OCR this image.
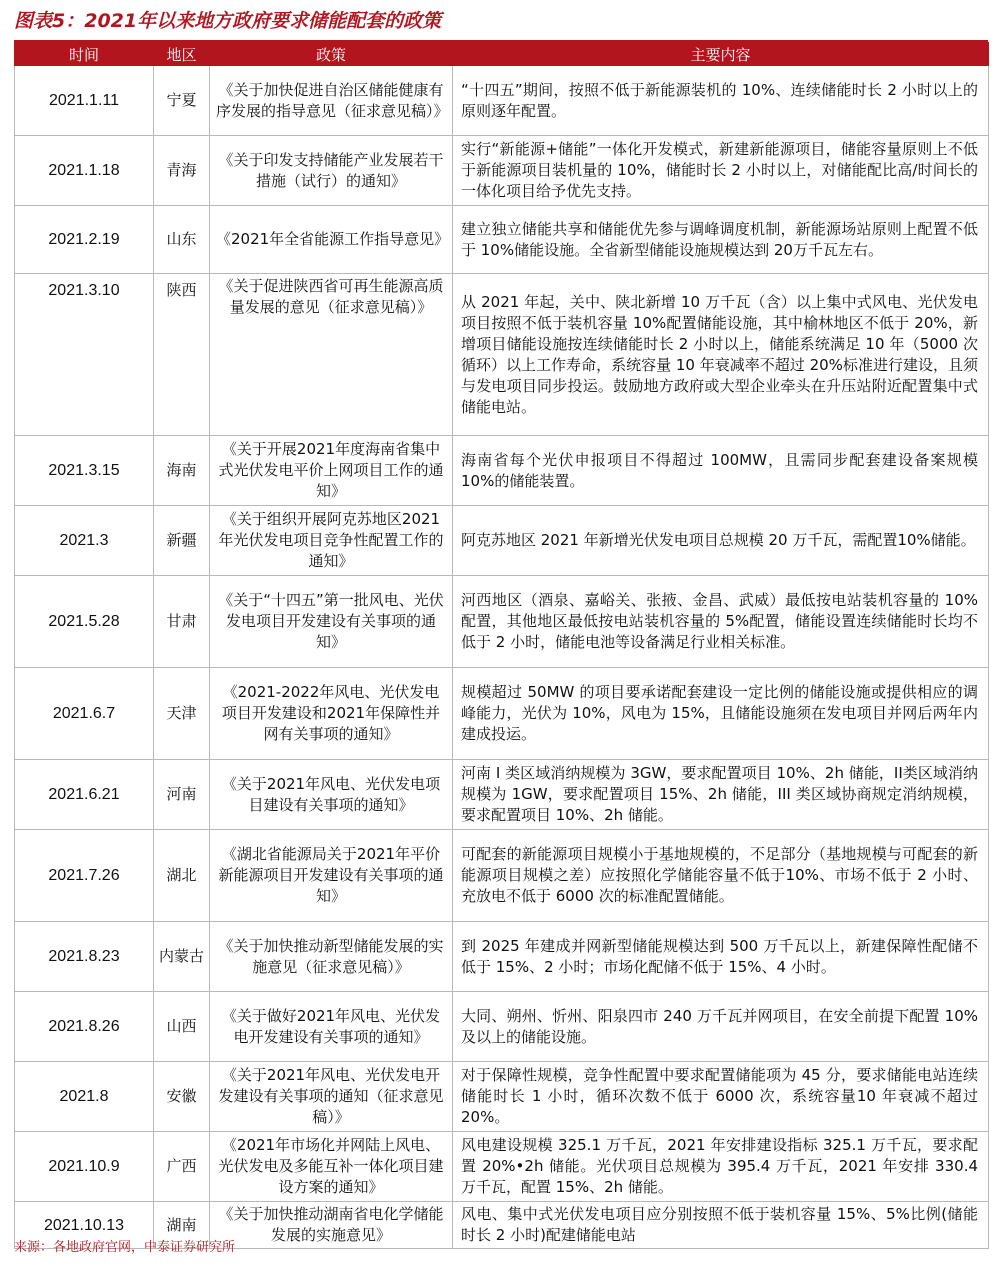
图表5：2021年以来地方政府要求储能配套的政策
时间	地区	政策	主要内容
2021.1.11	宁夏	《关于加快促进自治区储能健康有序发展的指导意见（征求意见稿）》	“十四五”期间，按照不低于新能源装机的 10%、连续储能时长 2 小时以上的原则逐年配置。
2021.1.18	青海	《关于印发支持储能产业发展若干措施（试行）的通知》	实行“新能源+储能”一体化开发模式，新建新能源项目，储能容量原则上不低于新能源项目装机量的 10%，储能时长 2 小时以上，对储能配比高/时间长的一体化项目给予优先支持。
2021.2.19	山东	《2021年全省能源工作指导意见》	建立独立储能共享和储能优先参与调峰调度机制，新能源场站原则上配置不低于 10%储能设施。全省新型储能设施规模达到 20万千瓦左右。
2021.3.10	陕西	《关于促进陕西省可再生能源高质量发展的意见（征求意见稿）》	从 2021 年起，关中、陕北新增 10 万千瓦（含）以上集中式风电、光伏发电项目按照不低于装机容量 10%配置储能设施，其中榆林地区不低于 20%，新增项目储能设施按连续储能时长 2 小时以上，储能系统满足 10 年（5000 次循环）以上工作寿命，系统容量 10 年衰减率不超过 20%标准进行建设，且须与发电项目同步投运。鼓励地方政府或大型企业牵头在升压站附近配置集中式储能电站。
2021.3.15	海南	《关于开展2021年度海南省集中式光伏发电平价上网项目工作的通知》	海南省每个光伏申报项目不得超过 100MW，且需同步配套建设备案规模 10%的储能装置。
2021.3	新疆	《关于组织开展阿克苏地区2021年光伏发电项目竞争性配置工作的通知》	阿克苏地区 2021 年新增光伏发电项目总规模 20 万千瓦，需配置10%储能。
2021.5.28	甘肃	《关于“十四五”第一批风电、光伏发电项目开发建设有关事项的通知》	河西地区（酒泉、嘉峪关、张掖、金昌、武威）最低按电站装机容量的 10%配置，其他地区最低按电站装机容量的 5%配置，储能设置连续储能时长均不低于 2 小时，储能电池等设备满足行业相关标准。
2021.6.7	天津	《2021-2022年风电、光伏发电项目开发建设和2021年保障性并网有关事项的通知》	规模超过 50MW 的项目要承诺配套建设一定比例的储能设施或提供相应的调峰能力，光伏为 10%，风电为 15%，且储能设施须在发电项目并网后两年内建成投运。
2021.6.21	河南	《关于2021年风电、光伏发电项目建设有关事项的通知》	河南 I 类区域消纳规模为 3GW，要求配置项目 10%、2h 储能，II类区域消纳规模为 1GW，要求配置项目 15%、2h 储能，III 类区域协商规定消纳规模，要求配置项目 10%、2h 储能。
2021.7.26	湖北	《湖北省能源局关于2021年平价新能源项目开发建设有关事项的通知》	可配套的新能源项目规模小于基地规模的，不足部分（基地规模与可配套的新能源项目规模之差）应按照化学储能容量不低于10%、市场不低于 2 小时、充放电不低于 6000 次的标准配置储能。
2021.8.23	内蒙古	《关于加快推动新型储能发展的实施意见（征求意见稿）》	到 2025 年建成并网新型储能规模达到 500 万千瓦以上，新建保障性配储不低于 15%、2 小时；市场化配储不低于 15%、4 小时。
2021.8.26	山西	《关于做好2021年风电、光伏发电开发建设有关事项的通知》	大同、朔州、忻州、阳泉四市 240 万千瓦并网项目，在安全前提下配置 10%及以上的储能设施。
2021.8	安徽	《关于2021年风电、光伏发电开发建设有关事项的通知（征求意见稿）》	对于保障性规模，竞争性配置中要求配置储能项为 45 分，要求储能电站连续储能时长 1 小时，循环次数不低于 6000 次，系统容量10 年衰减不超过 20%。
2021.10.9	广西	《2021年市场化并网陆上风电、光伏发电及多能互补一体化项目建设方案的通知》	风电建设规模 325.1 万千瓦，2021 年安排建设指标 325.1 万千瓦，要求配置 20%•2h 储能。光伏项目总规模为 395.4 万千瓦，2021 年安排 330.4 万千瓦，配置 15%、2h 储能。
2021.10.13	湖南	《关于加快推动湖南省电化学储能发展的实施意见》	风电、集中式光伏发电项目应分别按照不低于装机容量 15%、5%比例(储能时长 2 小时)配建储能电站
来源：各地政府官网，中泰证券研究所
